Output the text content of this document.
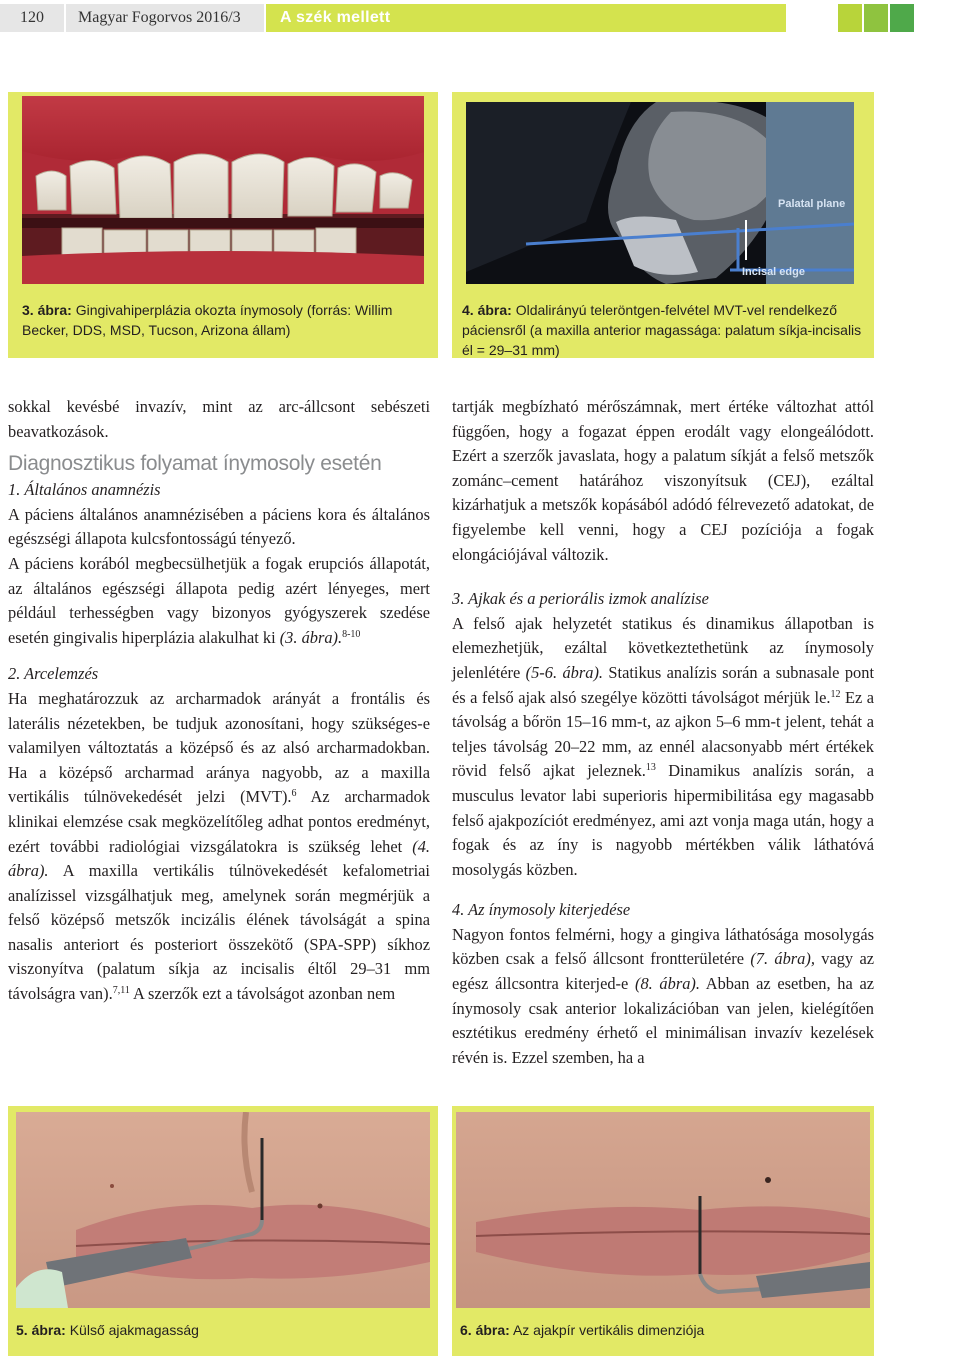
120	Magyar Fogorvos 2016/3	A szék mellett
3. ábra: Gingivahiperplázia okozta ínymosoly (forrás: Willim Becker, DDS, MSD, Tucson, Arizona állam)
Palatal plane
Incisal edge
4. ábra: Oldalirányú teleröntgen-felvétel MVT-vel rendelkező páciensről (a maxilla anterior magassága: palatum síkja-incisalis él = 29–31 mm)

sokkal kevésbé invazív, mint az arc-állcsont sebészeti beavatkozások.

Diagnosztikus folyamat ínymosoly esetén

1. Általános anamnézis

A páciens általános anamnézisében a páciens kora és általános egészségi állapota kulcsfontosságú tényező.

A páciens korából megbecsülhetjük a fogak erupciós állapotát, az általános egészségi állapota pedig azért lényeges, mert például terhességben vagy bizonyos gyógyszerek szedése esetén gingivalis hiperplázia alakulhat ki (3. ábra).$^{8-10}$

2. Arcelemzés

Ha meghatározzuk az archarmadok arányát a frontális és laterális nézetekben, be tudjuk azonosítani, hogy szükséges-e valamilyen változtatás a középső és az alsó archarmadokban. Ha a középső archarmad aránya nagyobb, az a maxilla vertikális túlnövekedését jelzi (MVT).$^6$ Az archarmadok klinikai elemzése csak megközelítőleg adhat pontos eredményt, ezért további radiológiai vizsgálatokra is szükség lehet (4. ábra). A maxilla vertikális túlnövekedését kefalometriai analízissel vizsgálhatjuk meg, amelynek során megmérjük a felső középső metszők incizális élének távolságát a spina nasalis anteriort és posteriort összekötő (SPA-SPP) síkhoz viszonyítva (palatum síkja az incisalis éltől 29–31 mm távolságra van).$^{7,11}$ A szerzők ezt a távolságot azonban nem

tartják megbízható mérőszámnak, mert értéke változhat attól függően, hogy a fogazat éppen erodált vagy elongeálódott. Ezért a szerzők javaslata, hogy a palatum síkját a felső metszők zománc–cement határához viszonyítsuk (CEJ), ezáltal kizárhatjuk a metszők kopásából adódó félrevezető adatokat, de figyelembe kell venni, hogy a CEJ pozíciója a fogak elongációjával változik.

3. Ajkak és a periorális izmok analízise

A felső ajak helyzetét statikus és dinamikus állapotban is elemezhetjük, ezáltal következtethetünk az ínymosoly jelenlétére (5-6. ábra). Statikus analízis során a subnasale pont és a felső ajak alsó szegélye közötti távolságot mérjük le.$^{12}$ Ez a távolság a bőrön 15–16 mm-t, az ajkon 5–6 mm-t jelent, tehát a teljes távolság 20–22 mm, az ennél alacsonyabb mért értékek rövid felső ajkat jeleznek.$^{13}$ Dinamikus analízis során, a musculus levator labi superioris hipermibilitása egy magasabb felső ajakpozíciót eredményez, ami azt vonja maga után, hogy a fogak és az íny is nagyobb mértékben válik láthatóvá mosolygás közben.

4. Az ínymosoly kiterjedése

Nagyon fontos felmérni, hogy a gingiva láthatósága mosolygás közben csak a felső állcsont frontterületére (7. ábra), vagy az egész állcsontra kiterjed-e (8. ábra). Abban az esetben, ha az ínymosoly csak anterior lokalizációban van jelen, kielégítően esztétikus eredmény érhető el minimálisan invazív kezelések révén is. Ezzel szemben, ha a

5. ábra: Külső ajakmagasság	6. ábra: Az ajakpír vertikális dimenziója
